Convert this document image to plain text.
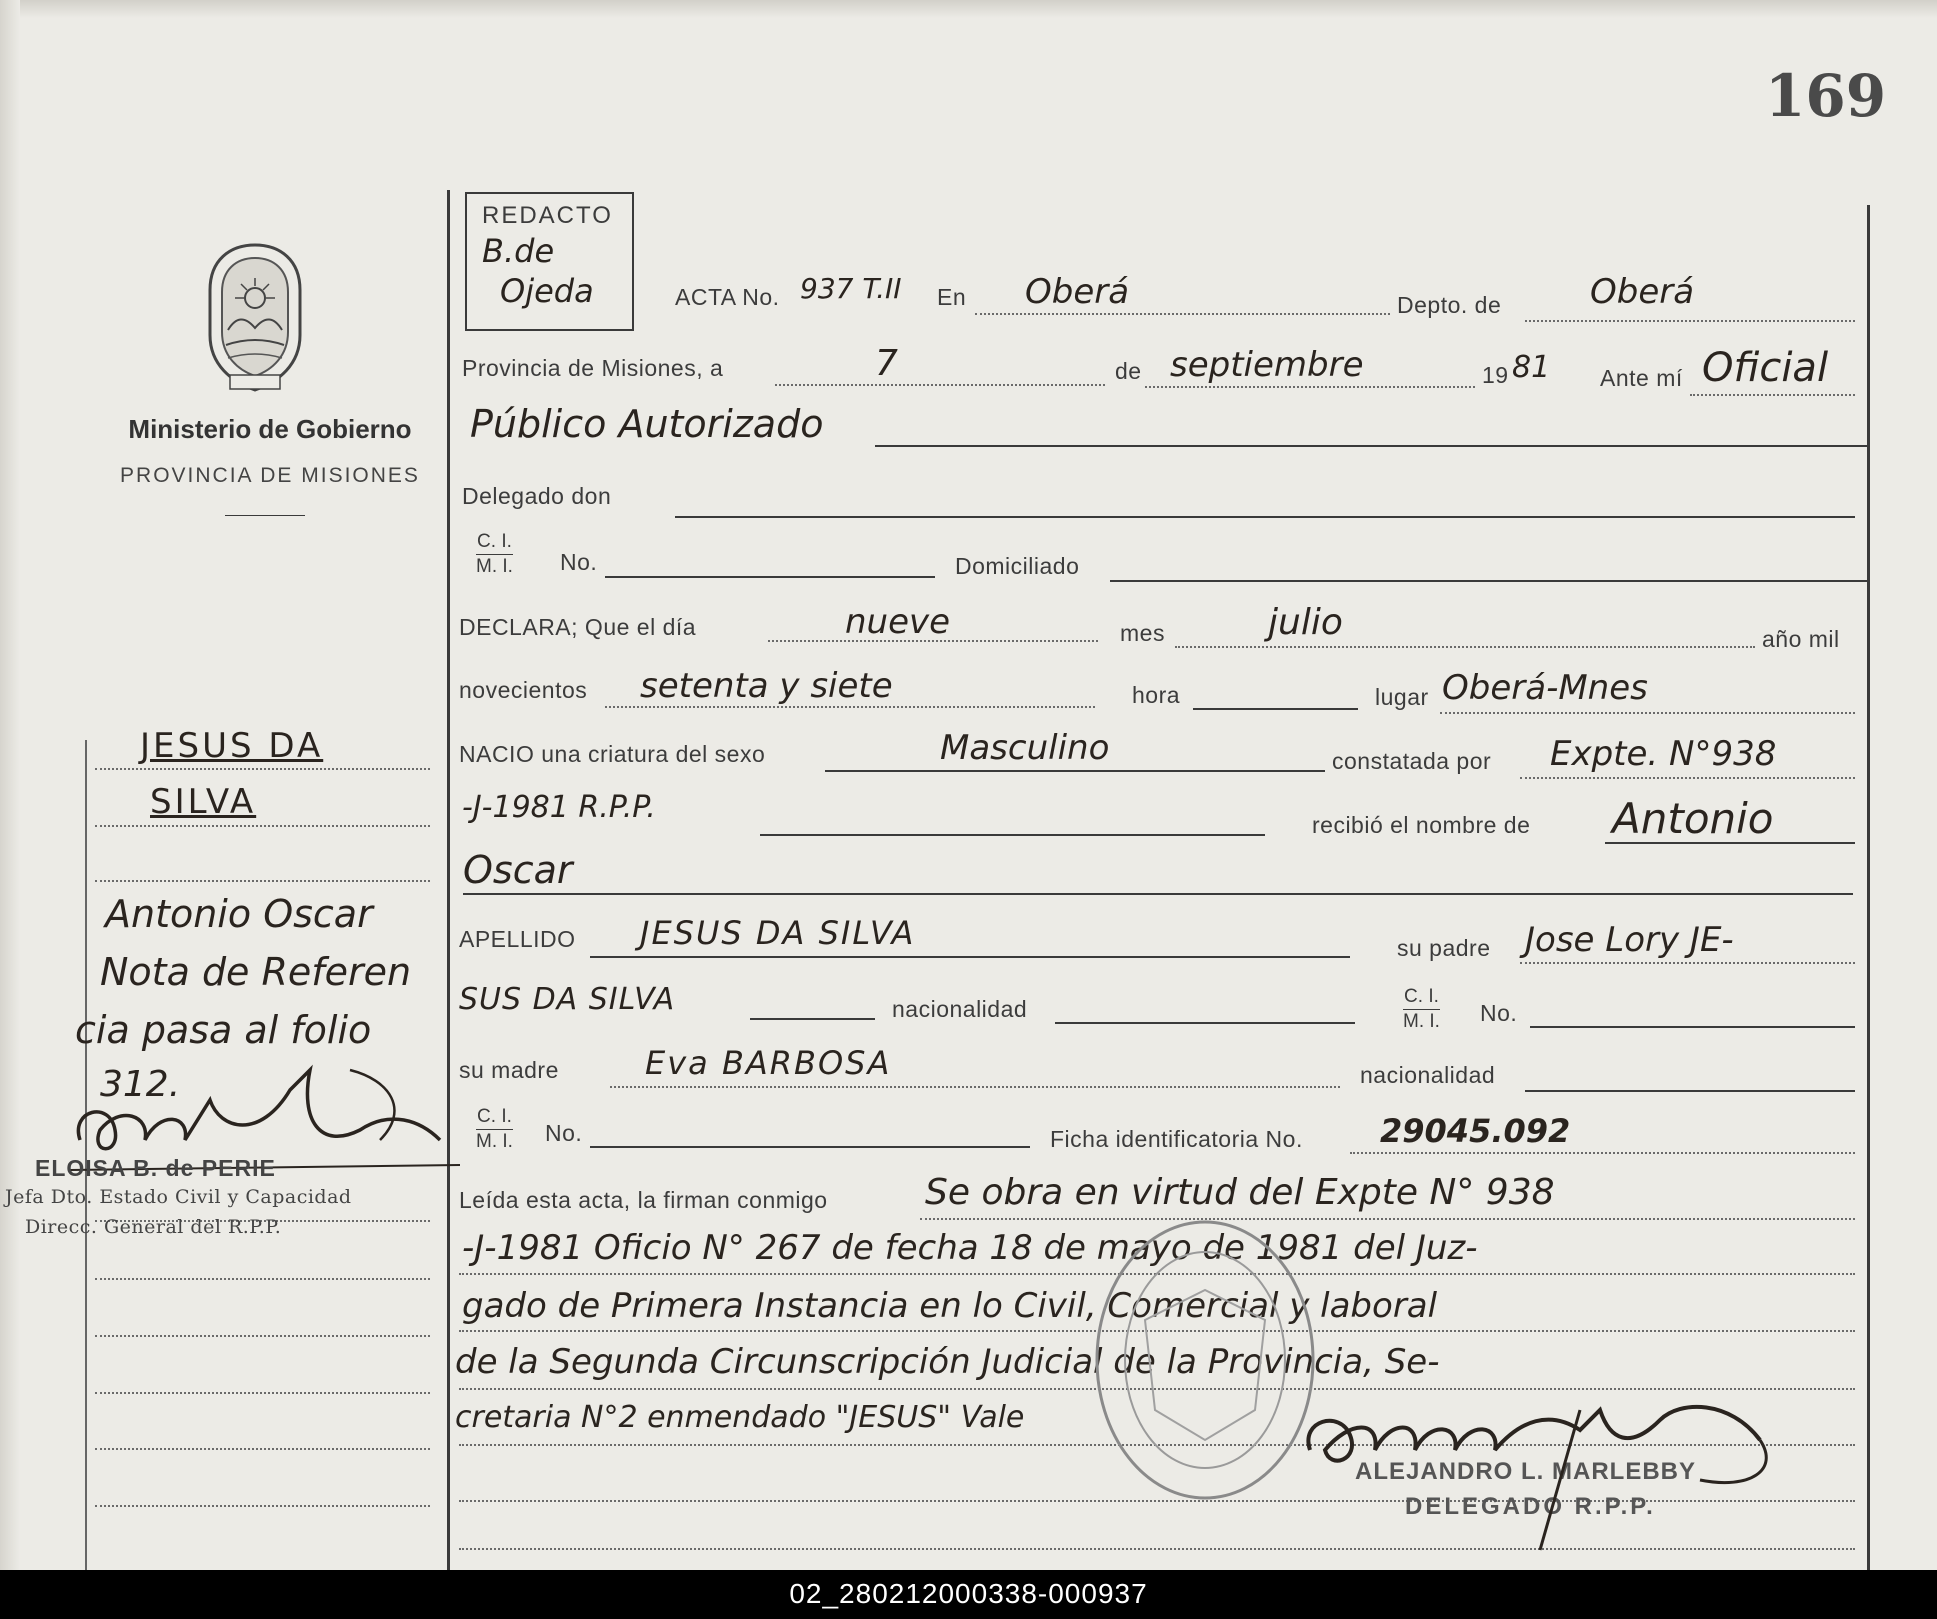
169
Ministerio de Gobierno
PROVINCIA DE MISIONES
REDACTO
B.de
Ojeda	ACTA No. 937 T.II En Oberá	Depto. de	Oberá
Provincia de Misiones, a	7	de septiembre	19 81 Ante mí Oficial
Público Autorizado
Delegado don
$\frac{C. I.}{M. I.} No$.	Domiciliado
DECLARA; Que el día	nueve	mes	julio	año mil
novecientos setenta y siete	hora	lugar Oberá-Mnes
NACIO una criatura del sexo	Masculino	constatada por Expte. N°938
-J-1981 R.P.P.	recibió el nombre de Antonio
Oscar
APELLIDO JESUS DA SILVA	su padre Jose Lory JE-
SUS DA SILVA	nacionalidad	$\frac{C. I.}{M. I.} No$.
su madre	Eva BARBOSA	nacionalidad
$\frac{C. I.}{M. I.} No$.	Ficha identificatoria No. 29045.092
Leída esta acta, la firman conmigo	Se obra en virtud del Expte N° 938
-J-1981 Oficio N° 267 de fecha 18 de mayo de 1981 del Juz-
gado de Primera Instancia en lo Civil, Comercial y laboral
de la Segunda Circunscripción Judicial de la Provincia, Se-
cretaria N°2 enmendado "JESUS" Vale
ALEJANDRO L. MARLEBBY
DELEGADO R.P.P.
JESUS DA
SILVA
Antonio Oscar
Nota de Referen
cia pasa al folio
312.
ELOISA B. de PERIE
Jefa Dto. Estado Civil y Capacidad
Direcc. General del R.P.P.
02_280212000338-000937
